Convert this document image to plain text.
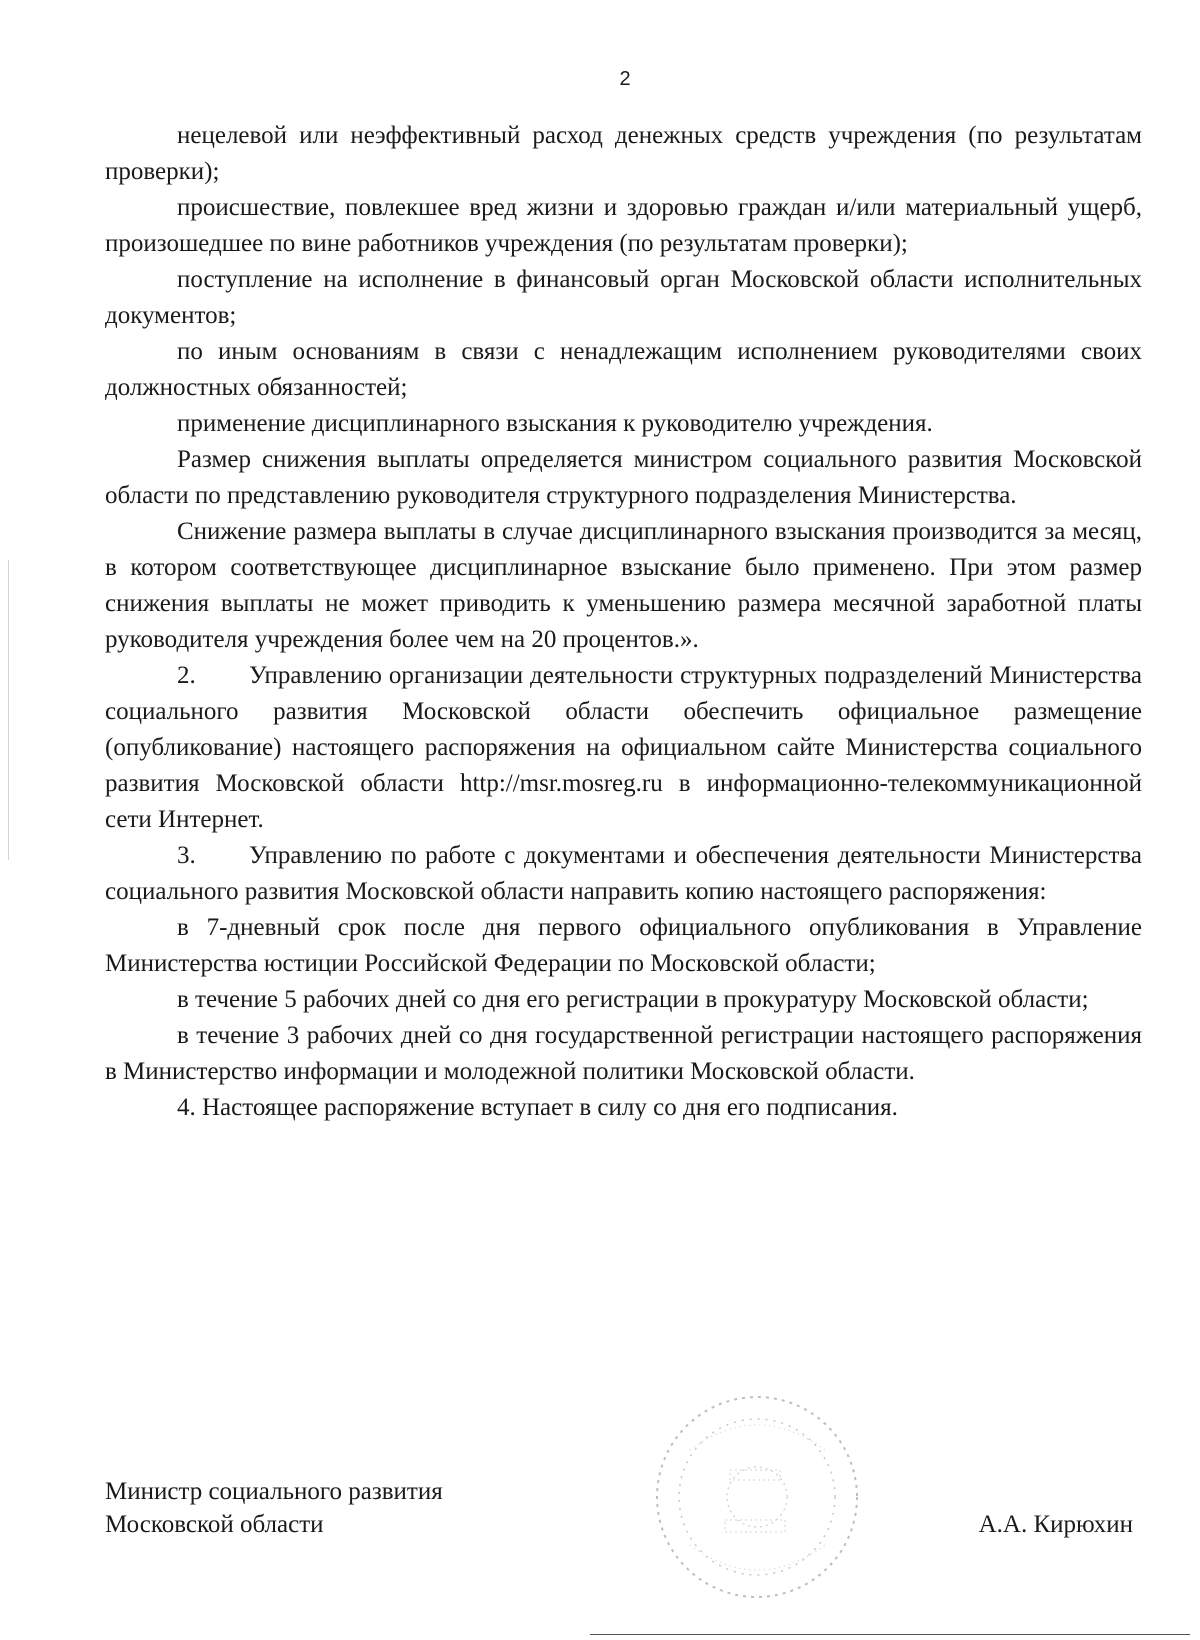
2

нецелевой или неэффективный расход денежных средств учреждения (по результатам проверки);

происшествие, повлекшее вред жизни и здоровью граждан и/или материальный ущерб, произошедшее по вине работников учреждения (по результатам проверки);

поступление на исполнение в финансовый орган Московской области исполнительных документов;

по иным основаниям в связи с ненадлежащим исполнением руководителями своих должностных обязанностей;

применение дисциплинарного взыскания к руководителю учреждения.

Размер снижения выплаты определяется министром социального развития Московской области по представлению руководителя структурного подразделения Министерства.

Снижение размера выплаты в случае дисциплинарного взыскания производится за месяц, в котором соответствующее дисциплинарное взыскание было применено. При этом размер снижения выплаты не может приводить к уменьшению размера месячной заработной платы руководителя учреждения более чем на 20 процентов.».

2. Управлению организации деятельности структурных подразделений Министерства социального развития Московской области обеспечить официальное размещение (опубликование) настоящего распоряжения на официальном сайте Министерства социального развития Московской области http://msr.mosreg.ru в информационно-телекоммуникационной сети Интернет.

3. Управлению по работе с документами и обеспечения деятельности Министерства социального развития Московской области направить копию настоящего распоряжения:

в 7-дневный срок после дня первого официального опубликования в Управление Министерства юстиции Российской Федерации по Московской области;

в течение 5 рабочих дней со дня его регистрации в прокуратуру Московской области;

в течение 3 рабочих дней со дня государственной регистрации настоящего распоряжения в Министерство информации и молодежной политики Московской области.

4. Настоящее распоряжение вступает в силу со дня его подписания.

Министр социального развития
Московской области	А.А. Кирюхин
